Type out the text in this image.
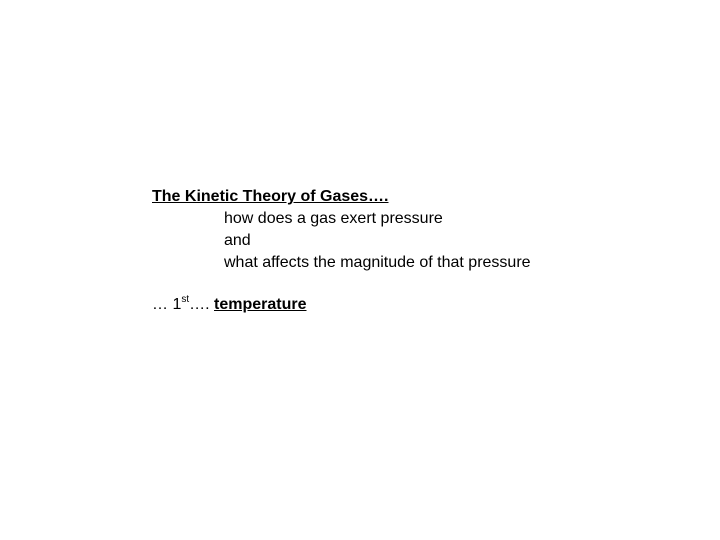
The Kinetic Theory of Gases….
how does a gas exert pressure
and
what affects the magnitude of that pressure
… 1st…. temperature
